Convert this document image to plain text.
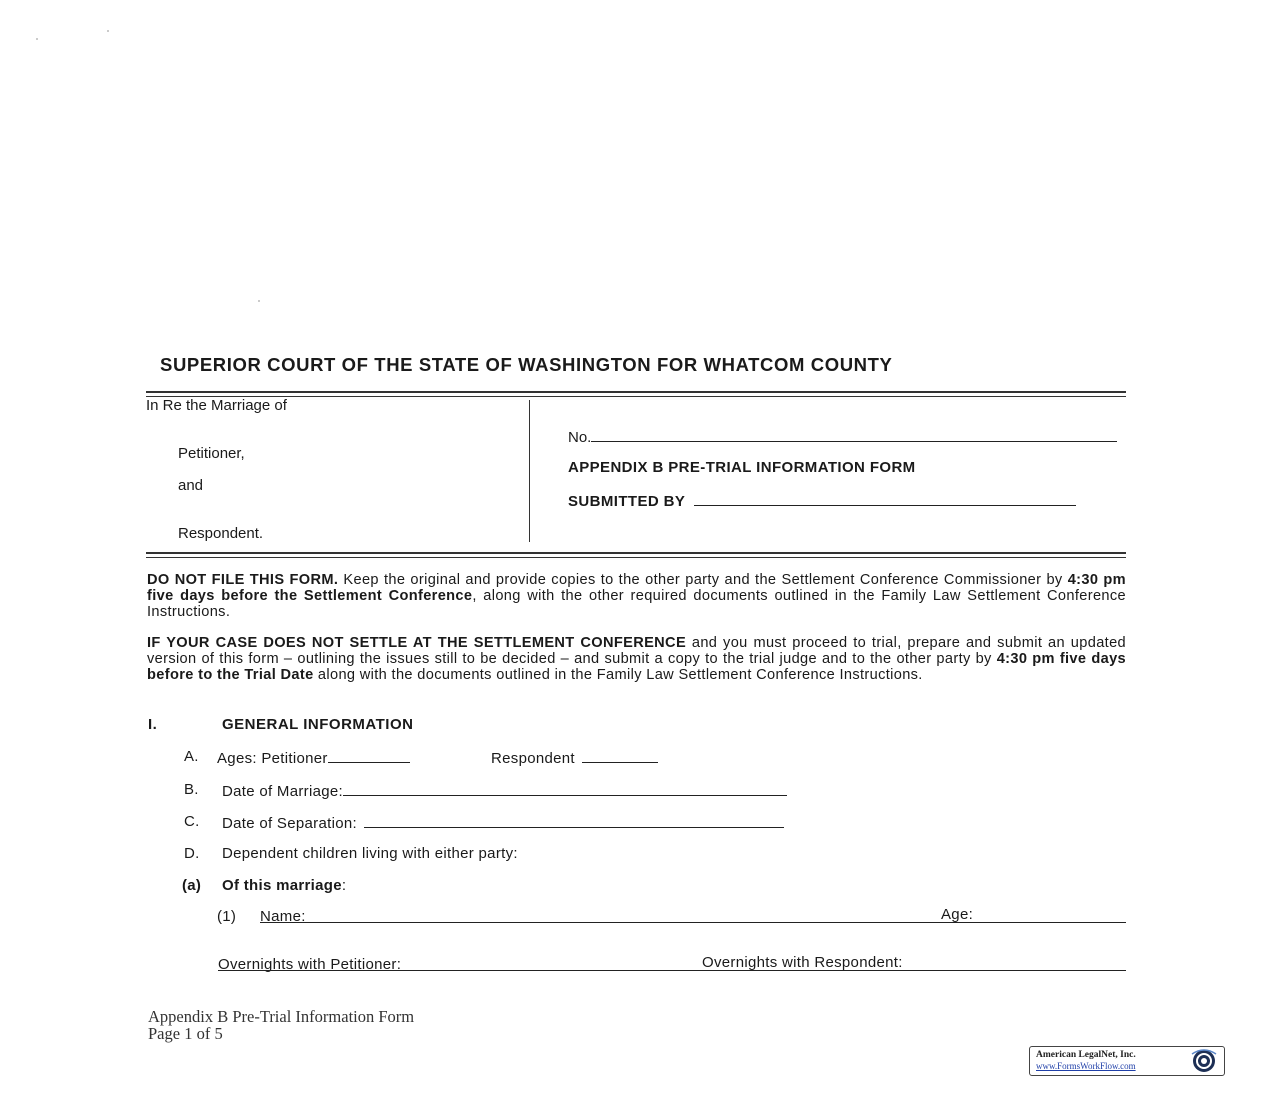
SUPERIOR COURT OF THE STATE OF WASHINGTON FOR WHATCOM COUNTY
In Re the Marriage of
Petitioner,
and
Respondent.
No.
APPENDIX B PRE-TRIAL INFORMATION FORM
SUBMITTED BY
DO NOT FILE THIS FORM. Keep the original and provide copies to the other party and the Settlement Conference Commissioner by 4:30 pm five days before the Settlement Conference, along with the other required documents outlined in the Family Law Settlement Conference Instructions.
IF YOUR CASE DOES NOT SETTLE AT THE SETTLEMENT CONFERENCE and you must proceed to trial, prepare and submit an updated version of this form – outlining the issues still to be decided – and submit a copy to the trial judge and to the other party by 4:30 pm five days before to the Trial Date along with the documents outlined in the Family Law Settlement Conference Instructions.
I.	GENERAL INFORMATION
A. Ages: Petitioner	Respondent
B. Date of Marriage:
C. Date of Separation:
D. Dependent children living with either party:
(a) Of this marriage:
(1) Name:	Age:
Overnights with Petitioner:	Overnights with Respondent:
Appendix B Pre-Trial Information Form
Page 1 of 5
American LegalNet, Inc.
www.FormsWorkFlow.com
